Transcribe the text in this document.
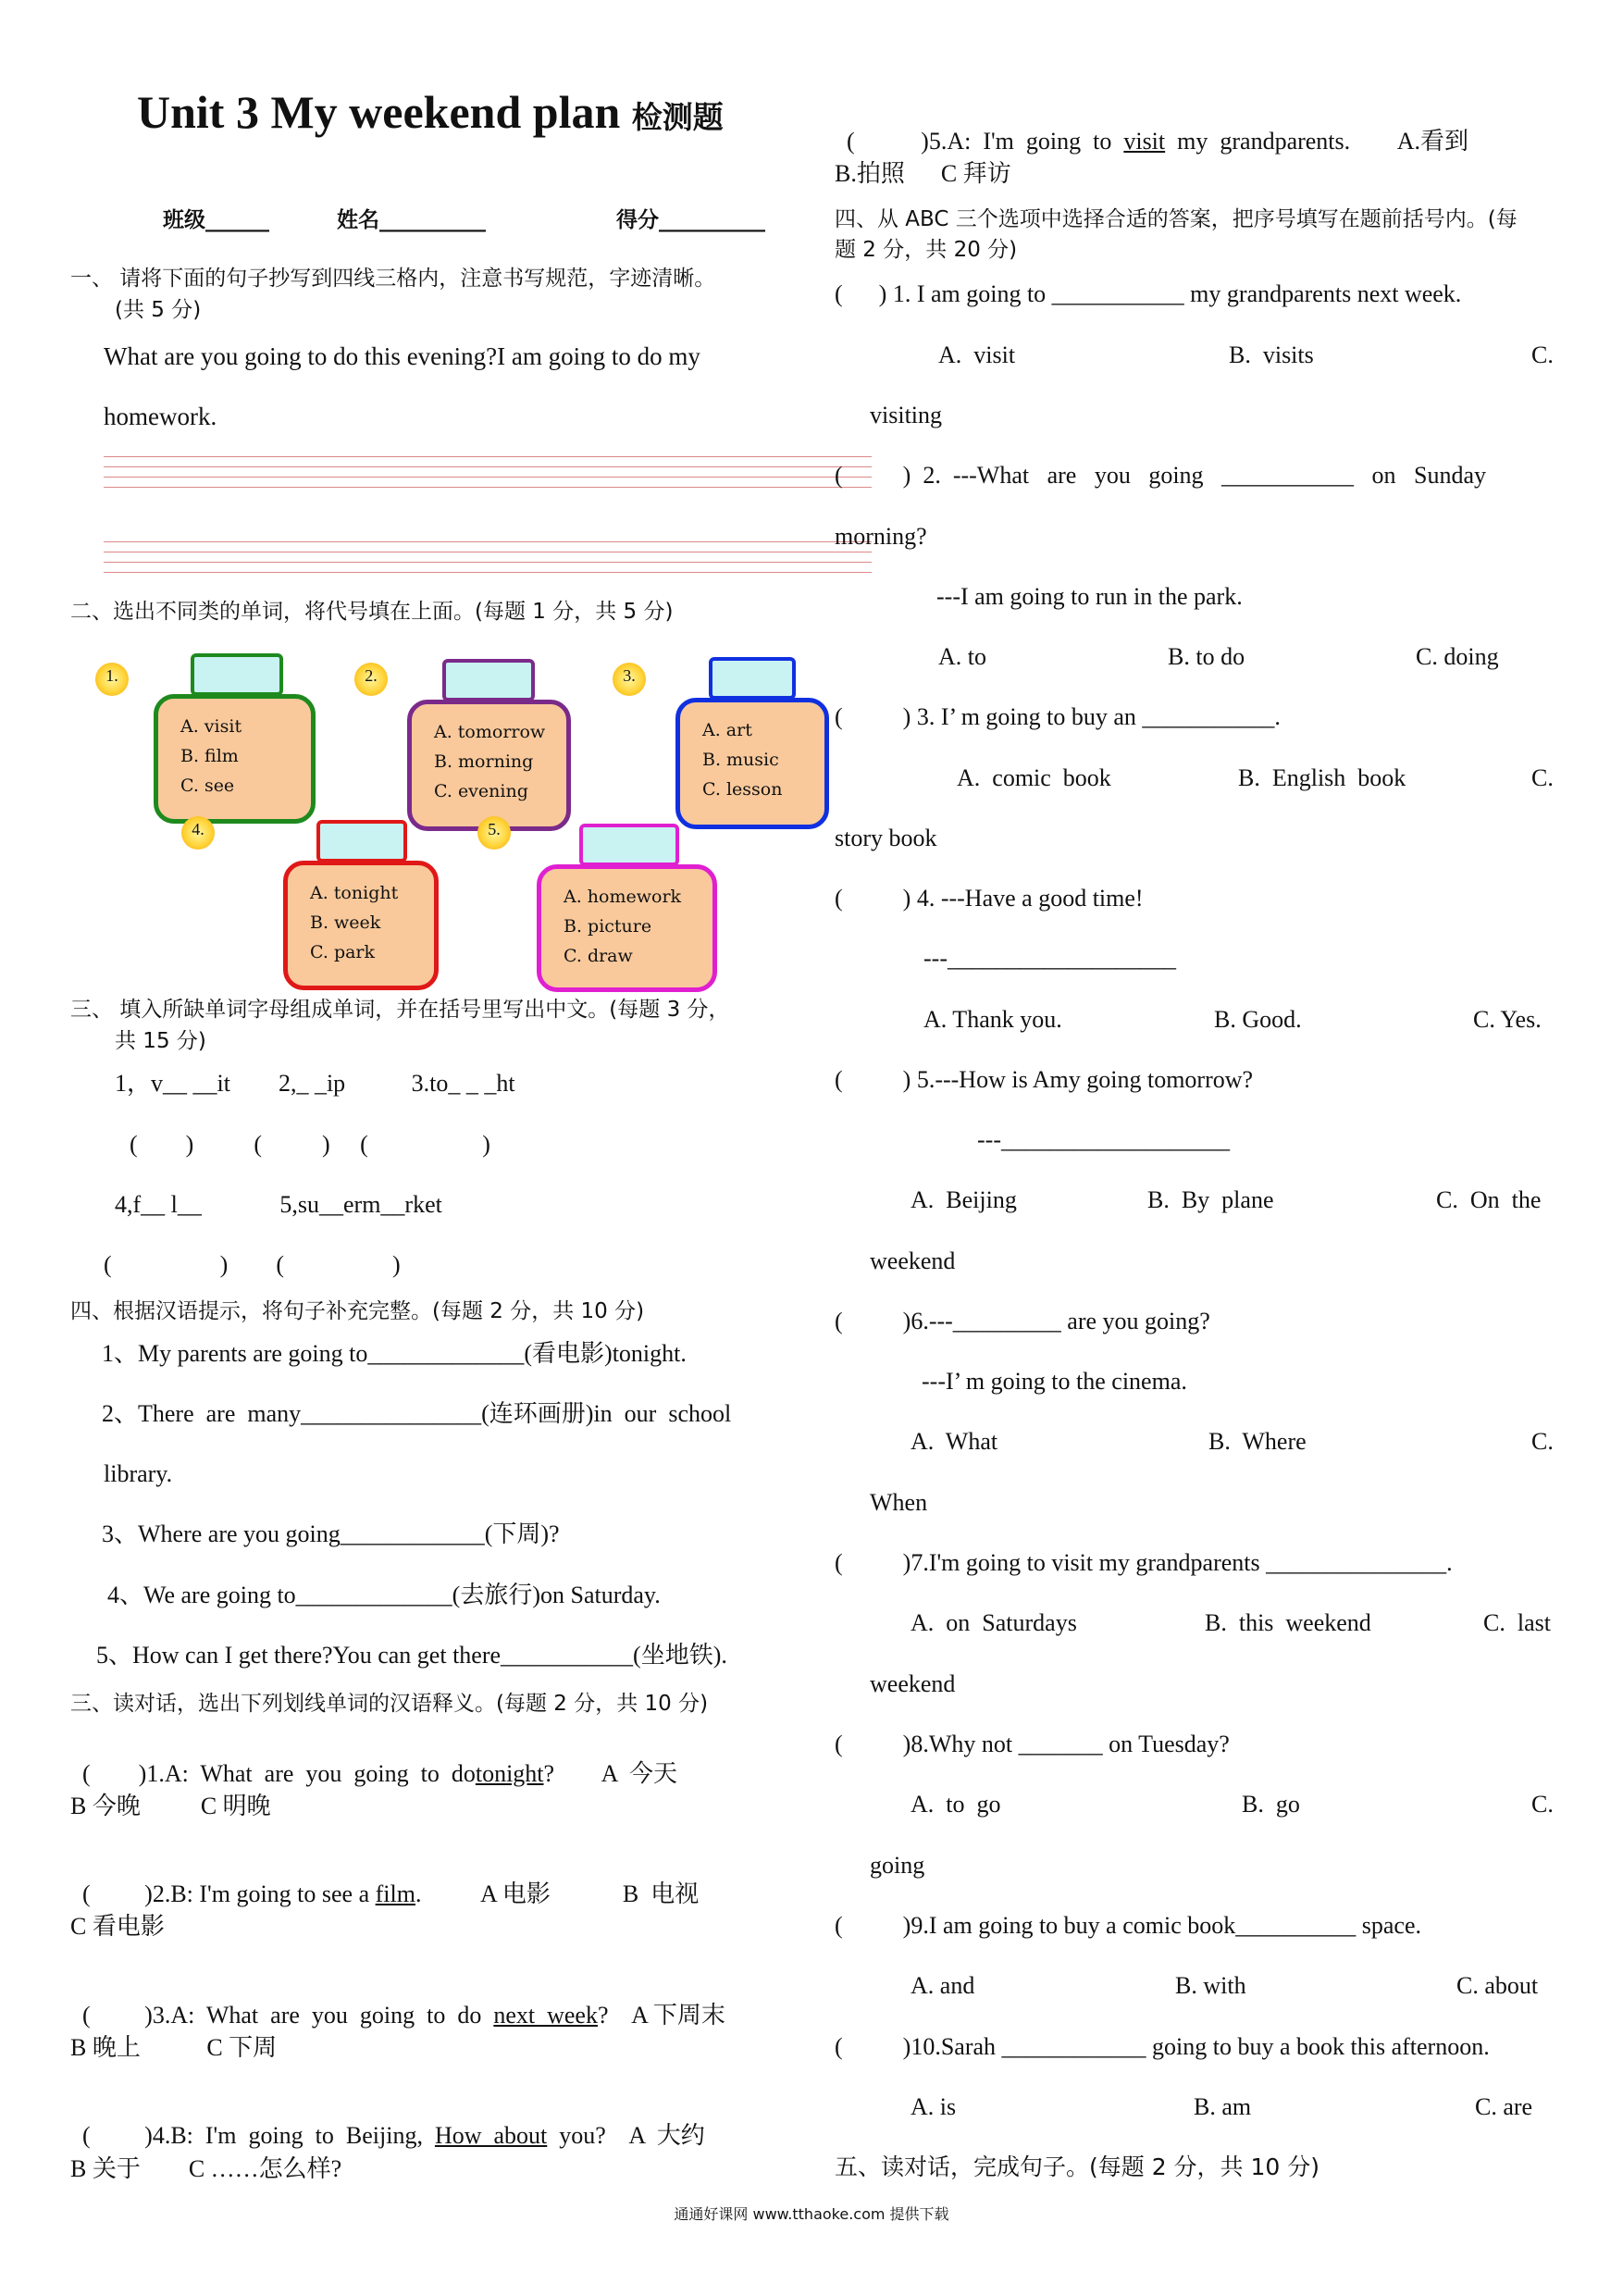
Unit 3 My weekend plan 检测题
班级______	姓名__________	得分__________
一、 请将下面的句子抄写到四线三格内，注意书写规范，字迹清晰。
(共 5 分)
What are you going to do this evening?I am going to do my
homework.
二、选出不同类的单词，将代号填在上面。(每题 1 分，共 5 分)
1.
A. visit
B. film
C. see
2.
A. tomorrow
B. morning
C. evening
3.
A. art
B. music
C. lesson
4.	5.
A. tonight
B. week
C. park
A. homework
B. picture
C. draw
三、 填入所缺单词字母组成单词，并在括号里写出中文。(每题 3 分，
共 15 分)
1，v__ __it        2,_ _ip           3.to_ _ _ht
(        )          (          )     (                   )
4,f__ l__             5,su__erm__rket
(                  )        (                  )
四、根据汉语提示，将句子补充完整。(每题 2 分，共 10 分)
1、My parents are going to_____________(看电影)tonight.
2、There  are  many_______________(连环画册)in  our  school
library.
3、Where are you going____________(下周)?
4、We are going to_____________(去旅行)on Saturday.
5、How can I get there?You can get there___________(坐地铁).
三、读对话，选出下列划线单词的汉语释义。(每题 2 分，共 10 分)

(        )1.A:  What  are  you  going  to  dotonight?        A  今天

B 今晚          C 明晚

(         )2.B: I'm going to see a film.          A 电影            B  电视

C 看电影

(         )3.A:  What  are  you  going  to  do next  week?    A 下周末

B 晚上           C 下周

(         )4.B:  I'm  going  to  Beijing, How  about you?    A  大约

B 关于        C ……怎么样?

(           )5.A:  I'm  going  to visit my  grandparents.        A.看到

B.拍照      C 拜访
四、从 ABC 三个选项中选择合适的答案，把序号填写在题前括号内。(每
题 2 分，共 20 分)
(      ) 1. I am going to ___________ my grandparents next week.
A.  visit	B.  visits	C.
visiting
(          )  2.  ---What   are   you   going   ___________   on   Sunday
morning?
---I am going to run in the park.
A. to	B. to do	C. doing
(          ) 3. I’ m going to buy an ___________.
A.  comic  book	B.  English  book	C.
story book
(          ) 4. ---Have a good time!
---___________________
A. Thank you.	B. Good.	C. Yes.
(          ) 5.---How is Amy going tomorrow?
---___________________
A.  Beijing	B.  By  plane	C.  On  the
weekend
(          )6.---_________ are you going?
---I’ m going to the cinema.
A.  What	B.  Where	C.
When
(          )7.I'm going to visit my grandparents _______________.
A.  on  Saturdays	B.  this  weekend	C.  last
weekend
(          )8.Why not _______ on Tuesday?
A.  to  go	B.  go	C.
going
(          )9.I am going to buy a comic book__________ space.
A. and	B. with	C. about
(          )10.Sarah ____________ going to buy a book this afternoon.
A. is	B. am	C. are
五、读对话，完成句子。(每题 2 分，共 10 分)
通通好课网 www.tthaoke.com 提供下载
